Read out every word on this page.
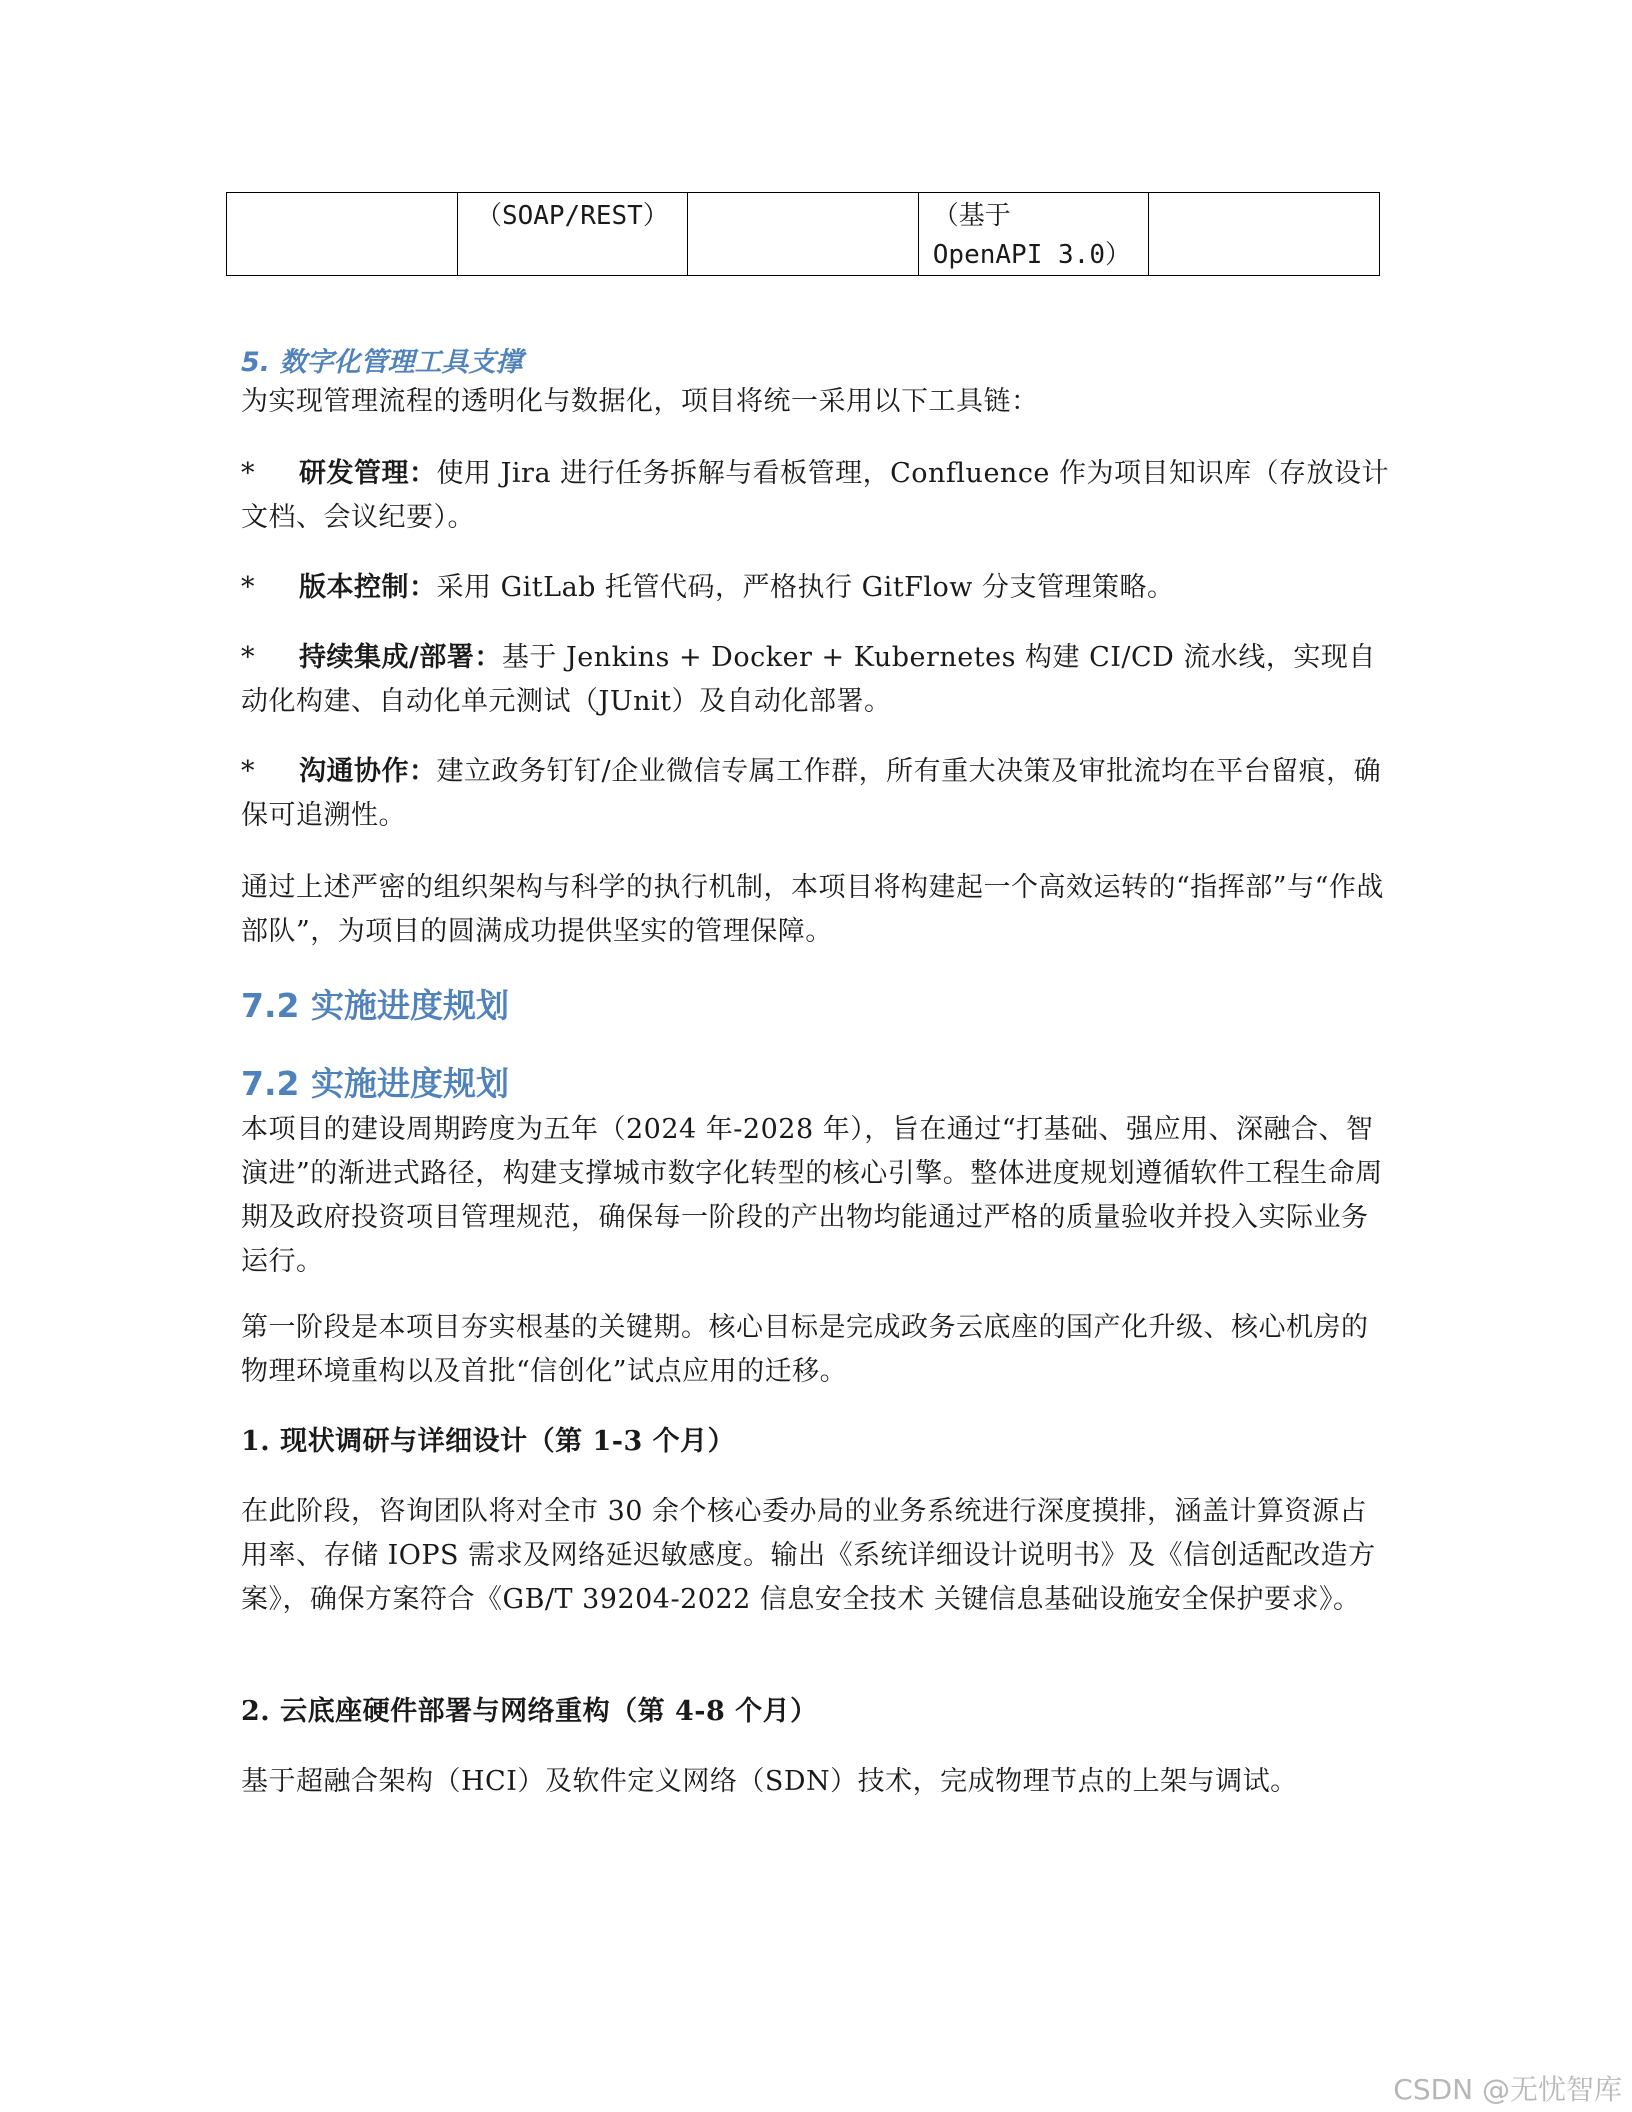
	（SOAP/REST）		（基于 OpenAPI 3.0）	
5. 数字化管理工具支撑
为实现管理流程的透明化与数据化，项目将统一采用以下工具链：
* 研发管理：使用 Jira 进行任务拆解与看板管理，Confluence 作为项目知识库（存放设计文档、会议纪要）。
* 版本控制：采用 GitLab 托管代码，严格执行 GitFlow 分支管理策略。
* 持续集成/部署：基于 Jenkins + Docker + Kubernetes 构建 CI/CD 流水线，实现自动化构建、自动化单元测试（JUnit）及自动化部署。
* 沟通协作：建立政务钉钉/企业微信专属工作群，所有重大决策及审批流均在平台留痕，确保可追溯性。
通过上述严密的组织架构与科学的执行机制，本项目将构建起一个高效运转的“指挥部”与“作战部队”，为项目的圆满成功提供坚实的管理保障。
7.2 实施进度规划
7.2 实施进度规划
本项目的建设周期跨度为五年（2024 年-2028 年），旨在通过“打基础、强应用、深融合、智演进”的渐进式路径，构建支撑城市数字化转型的核心引擎。整体进度规划遵循软件工程生命周期及政府投资项目管理规范，确保每一阶段的产出物均能通过严格的质量验收并投入实际业务运行。
第一阶段是本项目夯实根基的关键期。核心目标是完成政务云底座的国产化升级、核心机房的物理环境重构以及首批“信创化”试点应用的迁移。
1. 现状调研与详细设计（第 1-3 个月）
在此阶段，咨询团队将对全市 30 余个核心委办局的业务系统进行深度摸排，涵盖计算资源占用率、存储 IOPS 需求及网络延迟敏感度。输出《系统详细设计说明书》及《信创适配改造方案》，确保方案符合《GB/T 39204-2022 信息安全技术 关键信息基础设施安全保护要求》。
2. 云底座硬件部署与网络重构（第 4-8 个月）
基于超融合架构（HCI）及软件定义网络（SDN）技术，完成物理节点的上架与调试。
CSDN @无忧智库
